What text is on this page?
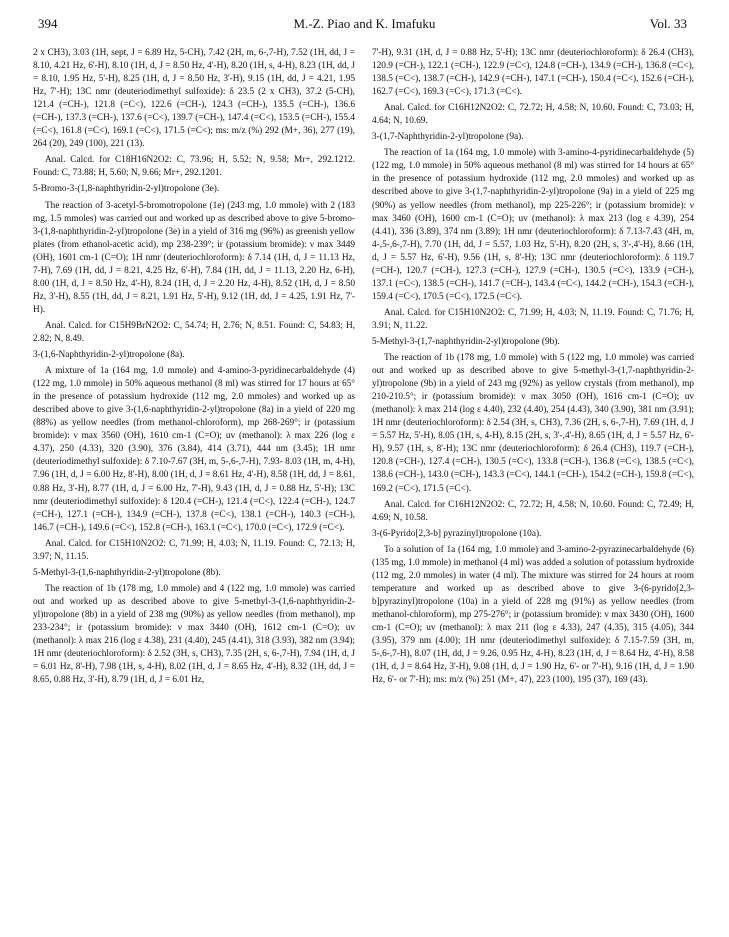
394	M.-Z. Piao and K. Imafuku	Vol. 33

2 x CH3), 3.03 (1H, sept, J = 6.89 Hz, 5-CH), 7.42 (2H, m, 6-,7-H), 7.52 (1H, dd, J = 8.10, 4.21 Hz, 6'-H), 8.10 (1H, d, J = 8.50 Hz, 4'-H), 8.20 (1H, s, 4-H), 8.23 (1H, dd, J = 8.10, 1.95 Hz, 5'-H), 8.25 (1H, d, J = 8.50 Hz, 3'-H), 9.15 (1H, dd, J = 4.21, 1.95 Hz, 7'-H); 13C nmr (deuteriodimethyl sulfoxide): δ 23.5 (2 x CH3), 37.2 (5-CH), 121.4 (=CH-), 121.8 (=C<), 122.6 (=CH-), 124.3 (=CH-), 135.5 (=CH-), 136.6 (=CH-), 137.3 (=CH-), 137.6 (=C<), 139.7 (=CH-), 147.4 (=C<), 153.5 (=CH-), 155.4 (=C<), 161.8 (=C<), 169.1 (=C<), 171.5 (=C<); ms: m/z (%) 292 (M+, 36), 277 (19), 264 (20), 249 (100), 221 (13).

Anal. Calcd. for C18H16N2O2: C, 73.96; H, 5.52; N, 9.58; Mr+, 292.1212. Found: C, 73.88; H, 5.60; N, 9.66; Mr+, 292.1201.

5-Bromo-3-(1,8-naphthyridin-2-yl)tropolone (3e).

The reaction of 3-acetyl-5-bromotropolone (1e) (243 mg, 1.0 mmole) with 2 (183 mg, 1.5 mmoles) was carried out and worked up as described above to give 5-bromo-3-(1,8-naphthyridin-2-yl)tropolone (3e) in a yield of 316 mg (96%) as greenish yellow plates (from ethanol-acetic acid), mp 238-239°; ir (potassium bromide): ν max 3449 (OH), 1601 cm-1 (C=O); 1H nmr (deuteriochloroform): δ 7.14 (1H, d, J = 11.13 Hz, 7-H), 7.69 (1H, dd, J = 8.21, 4.25 Hz, 6'-H), 7.84 (1H, dd, J = 11.13, 2.20 Hz, 6-H), 8.00 (1H, d, J = 8.50 Hz, 4'-H), 8.24 (1H, d, J = 2.20 Hz, 4-H), 8.52 (1H, d, J = 8.50 Hz, 3'-H), 8.55 (1H, dd, J = 8.21, 1.91 Hz, 5'-H), 9.12 (1H, dd, J = 4.25, 1.91 Hz, 7'-H).

Anal. Calcd. for C15H9BrN2O2: C, 54.74; H, 2.76; N, 8.51. Found: C, 54.83; H, 2.82; N, 8.49.

3-(1,6-Naphthyridin-2-yl)tropolone (8a).

A mixture of 1a (164 mg, 1.0 mmole) and 4-amino-3-pyridinecarbaldehyde (4) (122 mg, 1.0 mmole) in 50% aqueous methanol (8 ml) was stirred for 17 hours at 65° in the presence of potassium hydroxide (112 mg, 2.0 mmoles) and worked up as described above to give 3-(1,6-naphthyridin-2-yl)tropolone (8a) in a yield of 220 mg (88%) as yellow needles (from methanol-chloroform), mp 268-269°; ir (potassium bromide): ν max 3560 (OH), 1610 cm-1 (C=O); uv (methanol): λ max 226 (log ε 4.37), 250 (4.33), 320 (3.90), 376 (3.84), 414 (3.71), 444 nm (3.45); 1H nmr (deuteriodimethyl sulfoxide): δ 7.10-7.67 (3H, m, 5-,6-,7-H), 7.93- 8.03 (1H, m, 4-H), 7.96 (1H, d, J = 6.00 Hz, 8'-H), 8.00 (1H, d, J = 8.61 Hz, 4'-H), 8.58 (1H, dd, J = 8.61, 0.88 Hz, 3'-H), 8.77 (1H, d, J = 6.00 Hz, 7'-H), 9.43 (1H, d, J = 0.88 Hz, 5'-H); 13C nmr (deuteriodimethyl sulfoxide): δ 120.4 (=CH-), 121.4 (=C<), 122.4 (=CH-), 124.7 (=CH-), 127.1 (=CH-), 134.9 (=CH-), 137.8 (=C<), 138.1 (=CH-), 140.3 (=CH-), 146.7 (=CH-), 149.6 (=C<), 152.8 (=CH-), 163.1 (=C<), 170.0 (=C<), 172.9 (=C<).

Anal. Calcd. for C15H10N2O2: C, 71.99; H, 4.03; N, 11.19. Found: C, 72.13; H, 3.97; N, 11.15.

5-Methyl-3-(1,6-naphthyridin-2-yl)tropolone (8b).

The reaction of 1b (178 mg, 1.0 mmole) and 4 (122 mg, 1.0 mmole) was carried out and worked up as described above to give 5-methyl-3-(1,6-naphthyridin-2-yl)tropolone (8b) in a yield of 238 mg (90%) as yellow needles (from methanol), mp 233-234°; ir (potassium bromide): ν max 3440 (OH), 1612 cm-1 (C=O); uv (methanol): λ max 216 (log ε 4.38), 231 (4.40), 245 (4.41), 318 (3.93), 382 nm (3.94); 1H nmr (deuteriochloroform): δ 2.52 (3H, s, CH3), 7.35 (2H, s, 6-,7-H), 7.94 (1H, d, J = 6.01 Hz, 8'-H), 7.98 (1H, s, 4-H), 8.02 (1H, d, J = 8.65 Hz, 4'-H), 8.32 (1H, dd, J = 8.65, 0.88 Hz, 3'-H), 8.79 (1H, d, J = 6.01 Hz,

7'-H), 9.31 (1H, d, J = 0.88 Hz, 5'-H); 13C nmr (deuteriochloroform): δ 26.4 (CH3), 120.9 (=CH-), 122.1 (=CH-), 122.9 (=C<), 124.8 (=CH-), 134.9 (=CH-), 136.8 (=C<), 138.5 (=C<), 138.7 (=CH-), 142.9 (=CH-), 147.1 (=CH-), 150.4 (=C<), 152.6 (=CH-), 162.7 (=C<), 169.3 (=C<), 171.3 (=C<).

Anal. Calcd. for C16H12N2O2: C, 72.72; H, 4.58; N, 10.60. Found: C, 73.03; H, 4.64; N, 10.69.

3-(1,7-Naphthyridin-2-yl)tropolone (9a).

The reaction of 1a (164 mg, 1.0 mmole) with 3-amino-4-pyridinecarbaldehyde (5) (122 mg, 1.0 mmole) in 50% aqueous methanol (8 ml) was stirred for 14 hours at 65° in the presence of potassium hydroxide (112 mg, 2.0 mmoles) and worked up as described above to give 3-(1,7-naphthyridin-2-yl)tropolone (9a) in a yield of 225 mg (90%) as yellow needles (from methanol), mp 225-226°; ir (potassium bromide): ν max 3460 (OH), 1600 cm-1 (C=O); uv (methanol): λ max 213 (log ε 4.39), 254 (4.41), 336 (3.89), 374 nm (3.89); 1H nmr (deuteriochloroform): δ 7.13-7.43 (4H, m, 4-,5-,6-,7-H), 7.70 (1H, dd, J = 5.57, 1.03 Hz, 5'-H), 8.20 (2H, s, 3'-,4'-H), 8.66 (1H, d, J = 5.57 Hz, 6'-H), 9.56 (1H, s, 8'-H); 13C nmr (deuteriochloroform): δ 119.7 (=CH-), 120.7 (=CH-), 127.3 (=CH-), 127.9 (=CH-), 130.5 (=C<), 133.9 (=CH-), 137.1 (=C<), 138.5 (=CH-), 141.7 (=CH-), 143.4 (=C<), 144.2 (=CH-), 154.3 (=CH-), 159.4 (=C<), 170.5 (=C<), 172.5 (=C<).

Anal. Calcd. for C15H10N2O2: C, 71.99; H, 4.03; N, 11.19. Found: C, 71.76; H, 3.91; N, 11.22.

5-Methyl-3-(1,7-naphthyridin-2-yl)tropolone (9b).

The reaction of 1b (178 mg, 1.0 mmole) with 5 (122 mg, 1.0 mmole) was carried out and worked up as described above to give 5-methyl-3-(1,7-naphthyridin-2-yl)tropolone (9b) in a yield of 243 mg (92%) as yellow crystals (from methanol), mp 210-210.5°; ir (potassium bromide): ν max 3050 (OH), 1616 cm-1 (C=O); uv (methanol): λ max 214 (log ε 4.40), 232 (4.40), 254 (4.43), 340 (3.90), 381 nm (3.91); 1H nmr (deuteriochloroform): δ 2.54 (3H, s, CH3), 7.36 (2H, s, 6-,7-H), 7.69 (1H, d, J = 5.57 Hz, 5'-H), 8.05 (1H, s, 4-H), 8.15 (2H, s, 3'-,4'-H), 8.65 (1H, d, J = 5.57 Hz, 6'-H), 9.57 (1H, s, 8'-H); 13C nmr (deuteriochloroform): δ 26.4 (CH3), 119.7 (=CH-), 120.8 (=CH-), 127.4 (=CH-), 130.5 (=C<), 133.8 (=CH-), 136.8 (=C<), 138.5 (=C<), 138.6 (=CH-), 143.0 (=CH-), 143.3 (=C<), 144.1 (=CH-), 154.2 (=CH-), 159.8 (=C<), 169.2 (=C<), 171.5 (=C<).

Anal. Calcd. for C16H12N2O2: C, 72.72; H, 4.58; N, 10.60. Found: C, 72.49; H, 4.69; N, 10.58.

3-(6-Pyrido[2,3-b] pyrazinyl)tropolone (10a).

To a solution of 1a (164 mg, 1.0 mmole) and 3-amino-2-pyrazinecarbaldehyde (6) (135 mg, 1.0 mmole) in methanol (4 ml) was added a solution of potassium hydroxide (112 mg, 2.0 mmoles) in water (4 ml). The mixture was stirred for 24 hours at room temperature and worked up as described above to give 3-(6-pyrido[2,3-b]pyrazinyl)tropolone (10a) in a yield of 228 mg (91%) as yellow needles (from methanol-chloroform), mp 275-276°; ir (potassium bromide): ν max 3430 (OH), 1600 cm-1 (C=O); uv (methanol): λ max 211 (log ε 4.33), 247 (4.35), 315 (4.05), 344 (3.95), 379 nm (4.00); 1H nmr (deuteriodimethyl sulfoxide): δ 7.15-7.59 (3H, m, 5-,6-,7-H), 8.07 (1H, dd, J = 9.26, 0.95 Hz, 4-H), 8.23 (1H, d, J = 8.64 Hz, 4'-H), 8.58 (1H, d, J = 8.64 Hz, 3'-H), 9.08 (1H, d, J = 1.90 Hz, 6'- or 7'-H), 9.16 (1H, d, J = 1.90 Hz, 6'- or 7'-H); ms: m/z (%) 251 (M+, 47), 223 (100), 195 (37), 169 (43).
